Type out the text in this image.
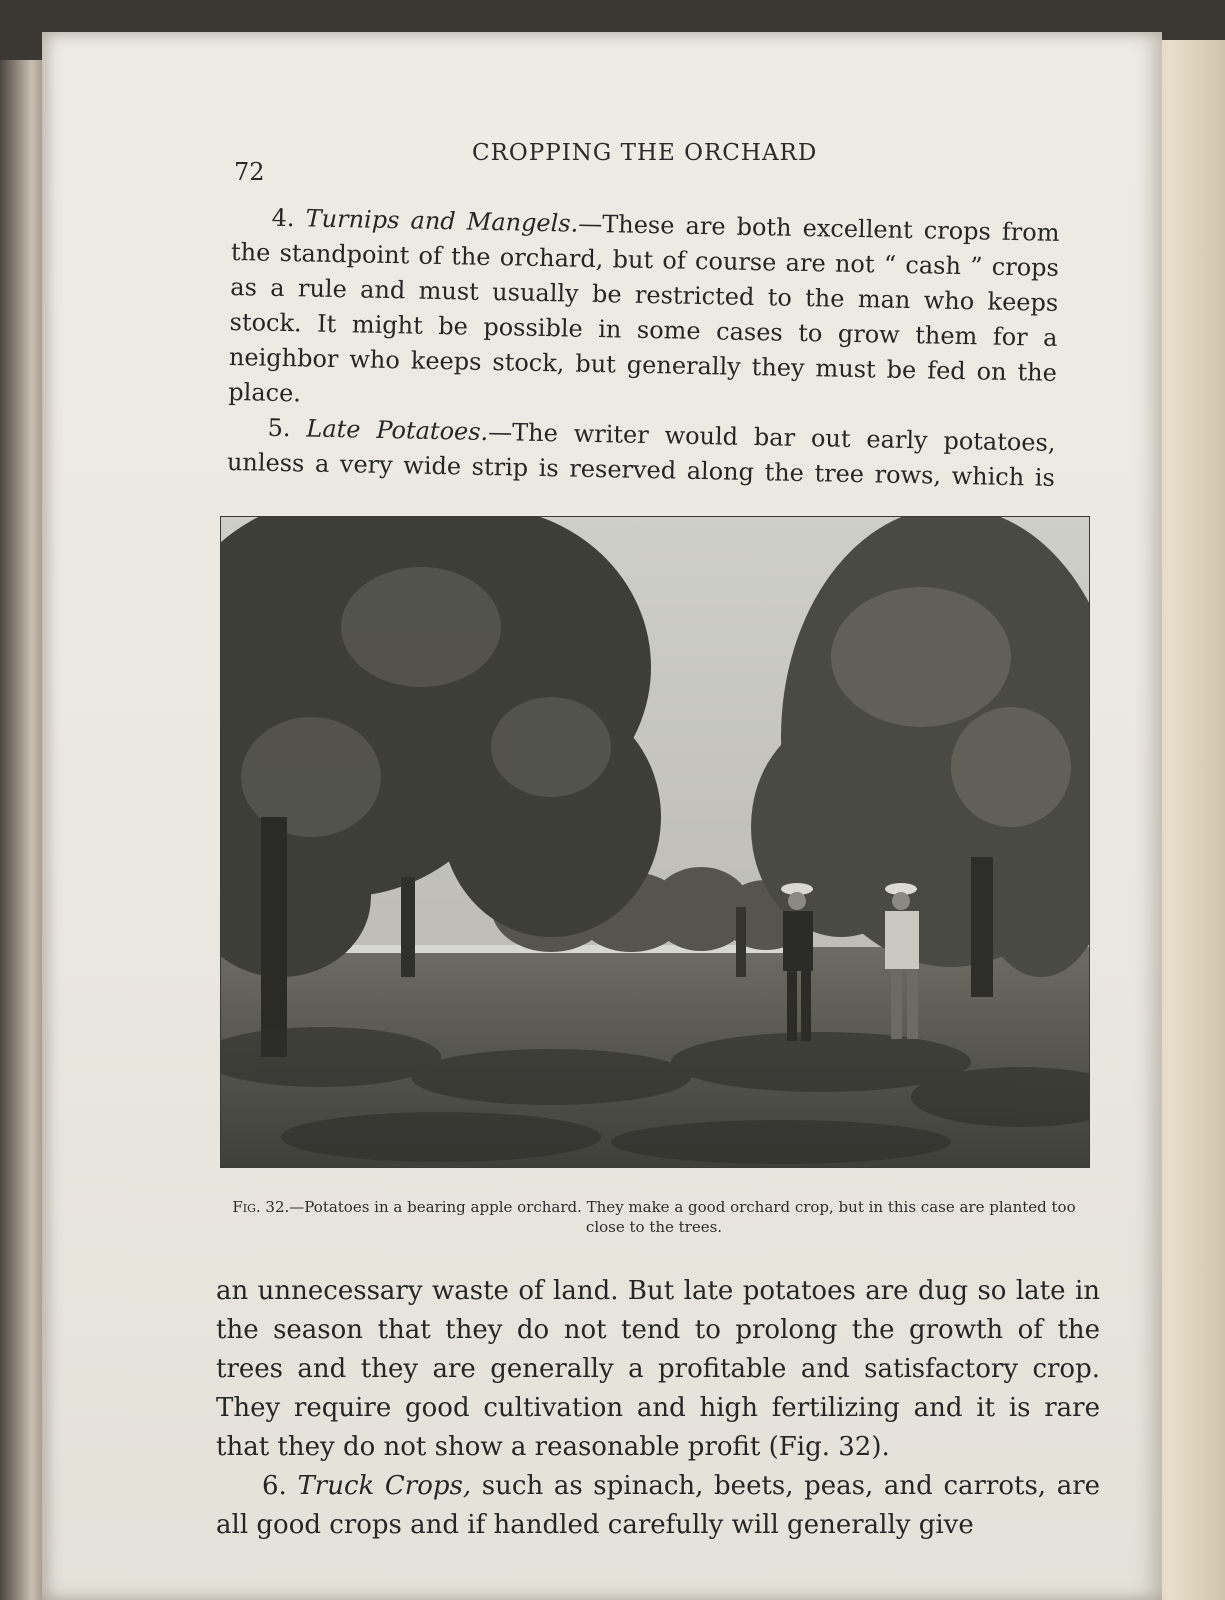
72
CROPPING THE ORCHARD

4. Turnips and Mangels.—These are both excellent crops from the standpoint of the orchard, but of course are not “ cash ” crops as a rule and must usually be restricted to the man who keeps stock. It might be possible in some cases to grow them for a neighbor who keeps stock, but generally they must be fed on the place.

5. Late Potatoes.—The writer would bar out early potatoes, unless a very wide strip is reserved along the tree rows, which is

Fig. 32.—Potatoes in a bearing apple orchard. They make a good orchard crop, but in this case are planted too close to the trees.

an unnecessary waste of land. But late potatoes are dug so late in the season that they do not tend to prolong the growth of the trees and they are generally a profitable and satisfactory crop. They require good cultivation and high fertilizing and it is rare that they do not show a reasonable profit (Fig. 32).

6. Truck Crops, such as spinach, beets, peas, and carrots, are all good crops and if handled carefully will generally give
